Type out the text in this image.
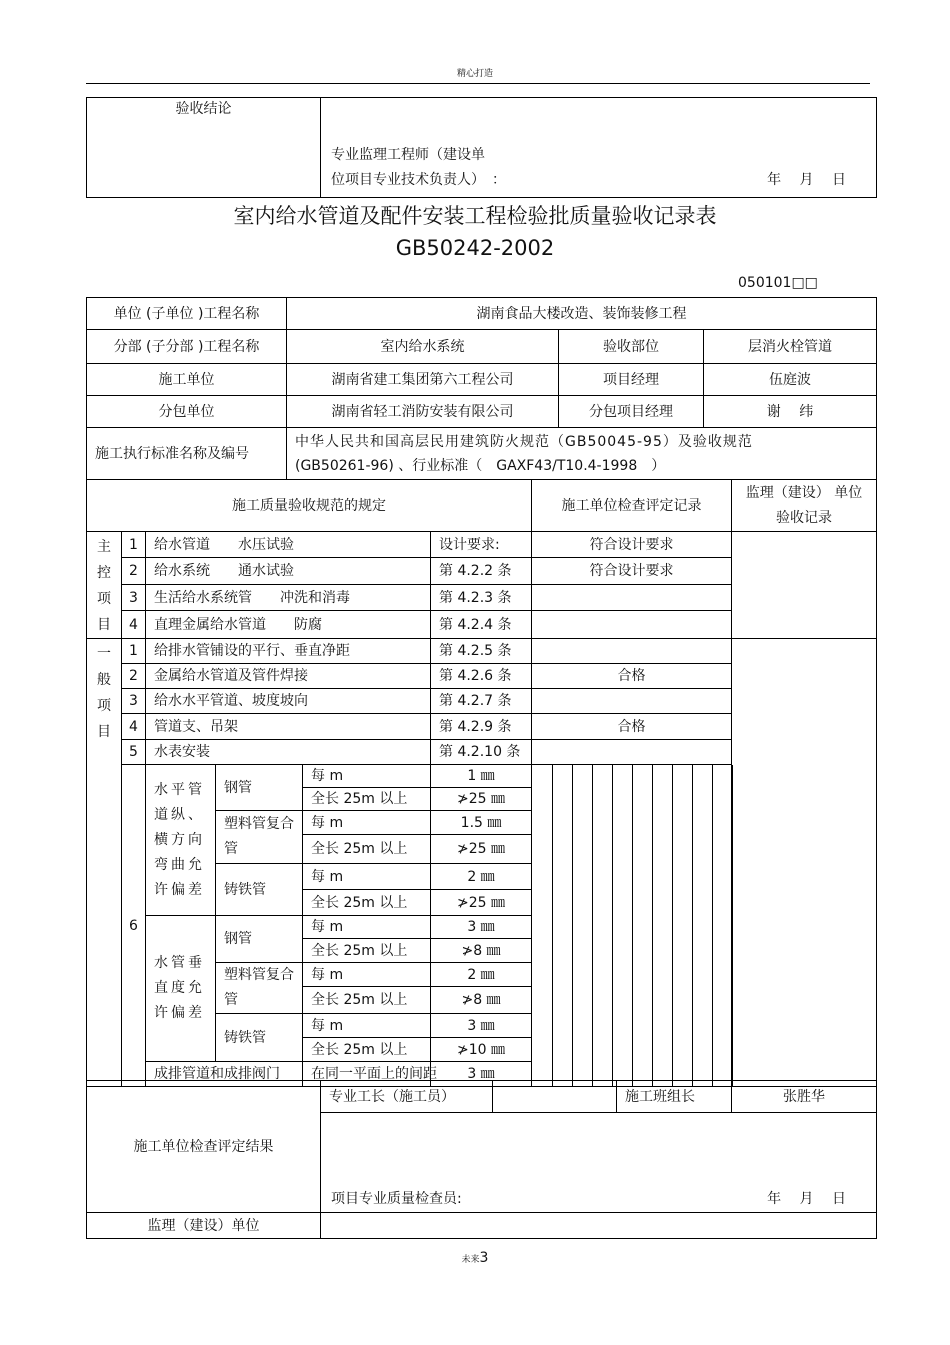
精心打造
验收结论	
专业监理工程师（建设单
位项目专业技术负责人）　：	年　 月　 日
室内给水管道及配件安装工程检验批质量验收记录表
GB50242-2002
050101□□
单位 (子单位 )工程名称	湖南食品大楼改造、装饰装修工程		
分部 (子分部 )工程名称	室内给水系统	验收部位	层消火栓管道
施工单位	湖南省建工集团第六工程公司	项目经理	伍庭波
分包单位	湖南省轻工消防安装有限公司	分包项目经理	谢　 纬
施工执行标准名称及编号	中华人民共和国高层民用建筑防火规范（GB50045-95）及验收规范
(GB50261-96) 、行业标准（　GAXF43/T10.4-1998　）		
施工质量验收规范的规定						施工单位检查评定记录	监理（建设） 单位
验收记录

主
控
项
目	1	给水管道　　水压试验			设计要求:	符合设计要求	
	2	给水系统　　通水试验			第 4.2.2 条	符合设计要求	
	3	生活给水系统管　　冲洗和消毒			第 4.2.3 条		
	4	直理金属给水管道　　防腐			第 4.2.4 条		

一
般
项
目	1	给排水管铺设的平行、垂直净距			第 4.2.5 条		
	2	金属给水管道及管件焊接			第 4.2.6 条	合格	
	3	给水水平管道、坡度坡向			第 4.2.7 条		
	4	管道支、吊架			第 4.2.9 条	合格	
	5	水表安装			第 4.2.10 条		
	6	水平管道纵、横方向弯曲允许偏差	钢管	每 m	1 ㎜		

				全长 25m 以上	≯25 ㎜		
			塑料管复合管	每 m	1.5 ㎜		
				全长 25m 以上	≯25 ㎜		
			铸铁管	每 m	2 ㎜		
				全长 25m 以上	≯25 ㎜		
		水管垂直度允许偏差	钢管	每 m	3 ㎜		
				全长 25m 以上	≯8 ㎜		
			塑料管复合管	每 m	2 ㎜		
				全长 25m 以上	≯8 ㎜		
			铸铁管	每 m	3 ㎜		
				全长 25m 以上	≯10 ㎜		
		成排管道和成排阀门		在同一平面上的间距	3 ㎜		
施工单位检查评定结果	专业工长（施工员）		施工班组长	张胜华
	项目专业质量检查员: 年　 月　 日			

监理（建设）单位				
未来3
